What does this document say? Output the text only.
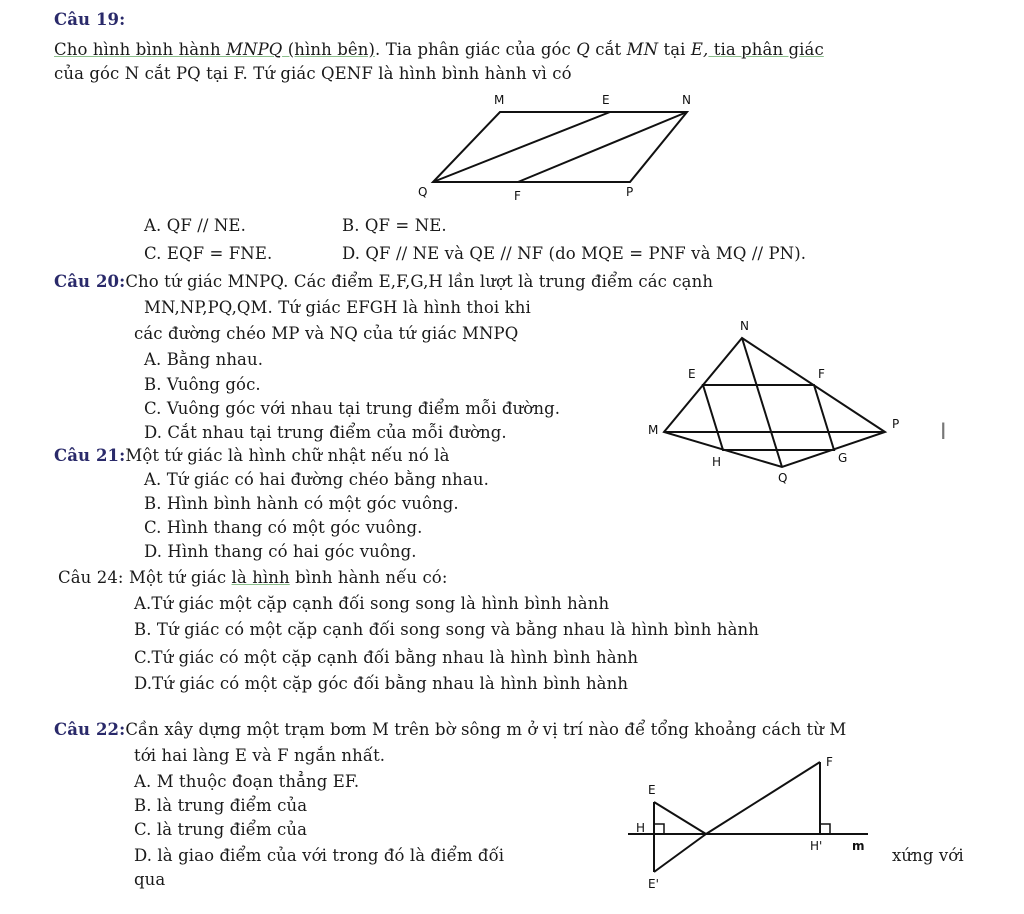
Câu 19:
Cho hình bình hành MNPQ (hình bên). Tia phân giác của góc Q cắt MN tại E, tia phân giác
của góc N cắt PQ tại F. Tứ giác QENF là hình bình hành vì có
M	E	N
Q	F	P
A. QF // NE.	B. QF = NE.
C. EQF = FNE.	D. QF // NE và QE // NF (do MQE = PNF và MQ // PN).
Câu 20:Cho tứ giác MNPQ. Các điểm E,F,G,H lần lượt là trung điểm các cạnh
MN,NP,PQ,QM. Tứ giác EFGH là hình thoi khi
các đường chéo MP và NQ của tứ giác MNPQ
A. Bằng nhau.
B. Vuông góc.
C. Vuông góc với nhau tại trung điểm mỗi đường.
D. Cắt nhau tại trung điểm của mỗi đường.
N
E	F
M	P
H	G
Q
I
Câu 21:Một tứ giác là hình chữ nhật nếu nó là
A. Tứ giác có hai đường chéo bằng nhau.
B. Hình bình hành có một góc vuông.
C. Hình thang có một góc vuông.
D. Hình thang có hai góc vuông.
Câu 24: Một tứ giác là hình bình hành nếu có:
A.Tứ giác một cặp cạnh đối song song là hình bình hành
B. Tứ giác có một cặp cạnh đối song song và bằng nhau là hình bình hành
C.Tứ giác có một cặp cạnh đối bằng nhau là hình bình hành
D.Tứ giác có một cặp góc đối bằng nhau là hình bình hành
Câu 22:Cần xây dựng một trạm bơm M trên bờ sông m ở vị trí nào để tổng khoảng cách từ M
tới hai làng E và F ngắn nhất.
A. M thuộc đoạn thẳng EF.
B. là trung điểm của
C. là trung điểm của
D. là giao điểm của với trong đó là điểm đối	xứng với
qua
E
F
H
H' m
E'
